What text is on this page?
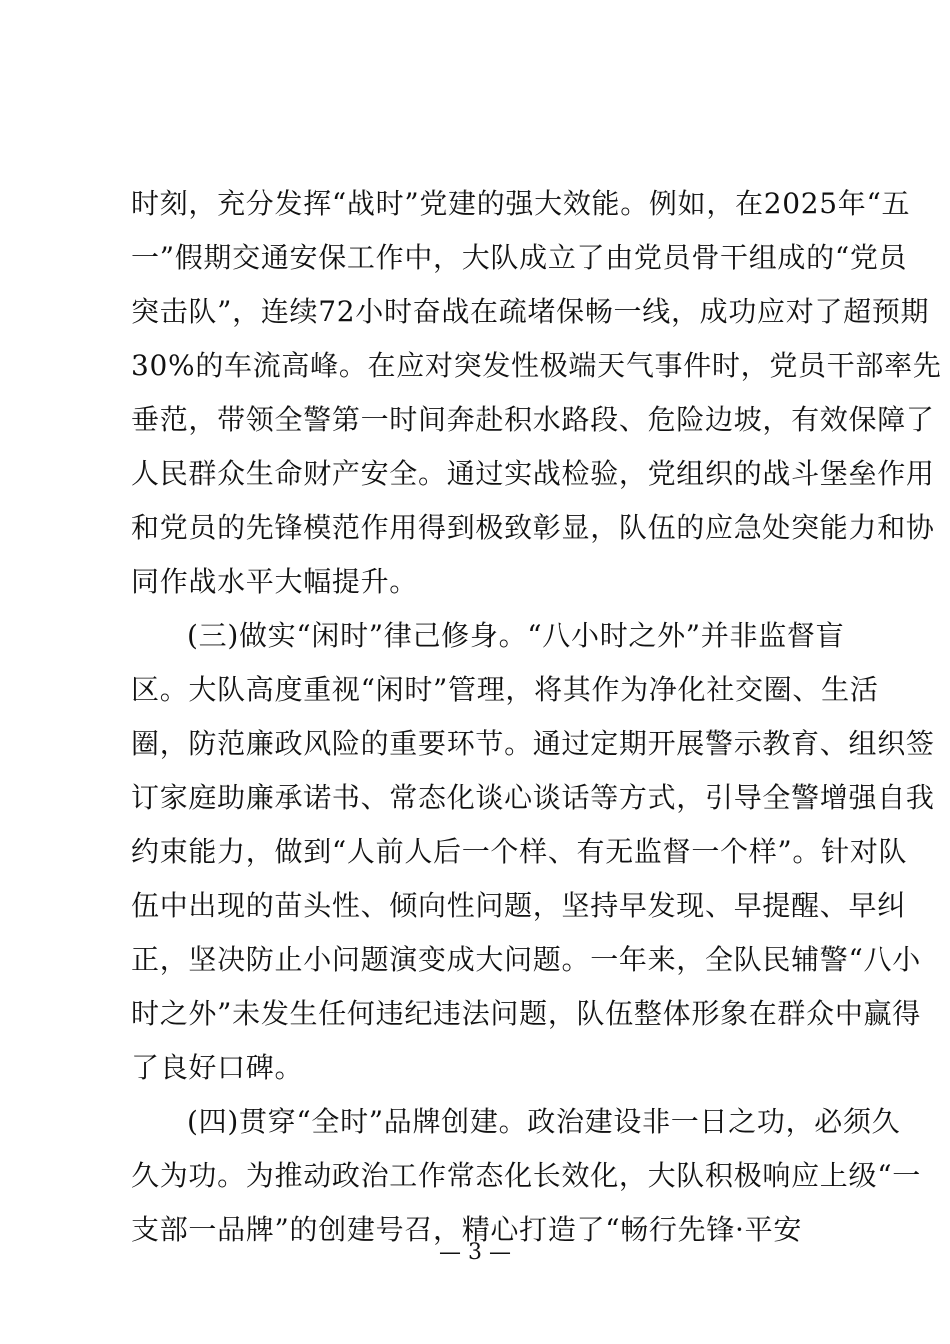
时刻，充分发挥“战时”党建的强大效能。例如，在2025年“五
一”假期交通安保工作中，大队成立了由党员骨干组成的“党员
突击队”，连续72小时奋战在疏堵保畅一线，成功应对了超预期
30%的车流高峰。在应对突发性极端天气事件时，党员干部率先
垂范，带领全警第一时间奔赴积水路段、危险边坡，有效保障了
人民群众生命财产安全。通过实战检验，党组织的战斗堡垒作用
和党员的先锋模范作用得到极致彰显，队伍的应急处突能力和协
同作战水平大幅提升。
(三)做实“闲时”律己修身。“八小时之外”并非监督盲
区。大队高度重视“闲时”管理，将其作为净化社交圈、生活
圈，防范廉政风险的重要环节。通过定期开展警示教育、组织签
订家庭助廉承诺书、常态化谈心谈话等方式，引导全警增强自我
约束能力，做到“人前人后一个样、有无监督一个样”。针对队
伍中出现的苗头性、倾向性问题，坚持早发现、早提醒、早纠
正，坚决防止小问题演变成大问题。一年来，全队民辅警“八小
时之外”未发生任何违纪违法问题，队伍整体形象在群众中赢得
了良好口碑。
(四)贯穿“全时”品牌创建。政治建设非一日之功，必须久
久为功。为推动政治工作常态化长效化，大队积极响应上级“一
支部一品牌”的创建号召，精心打造了“畅行先锋·平安
— 3 —
